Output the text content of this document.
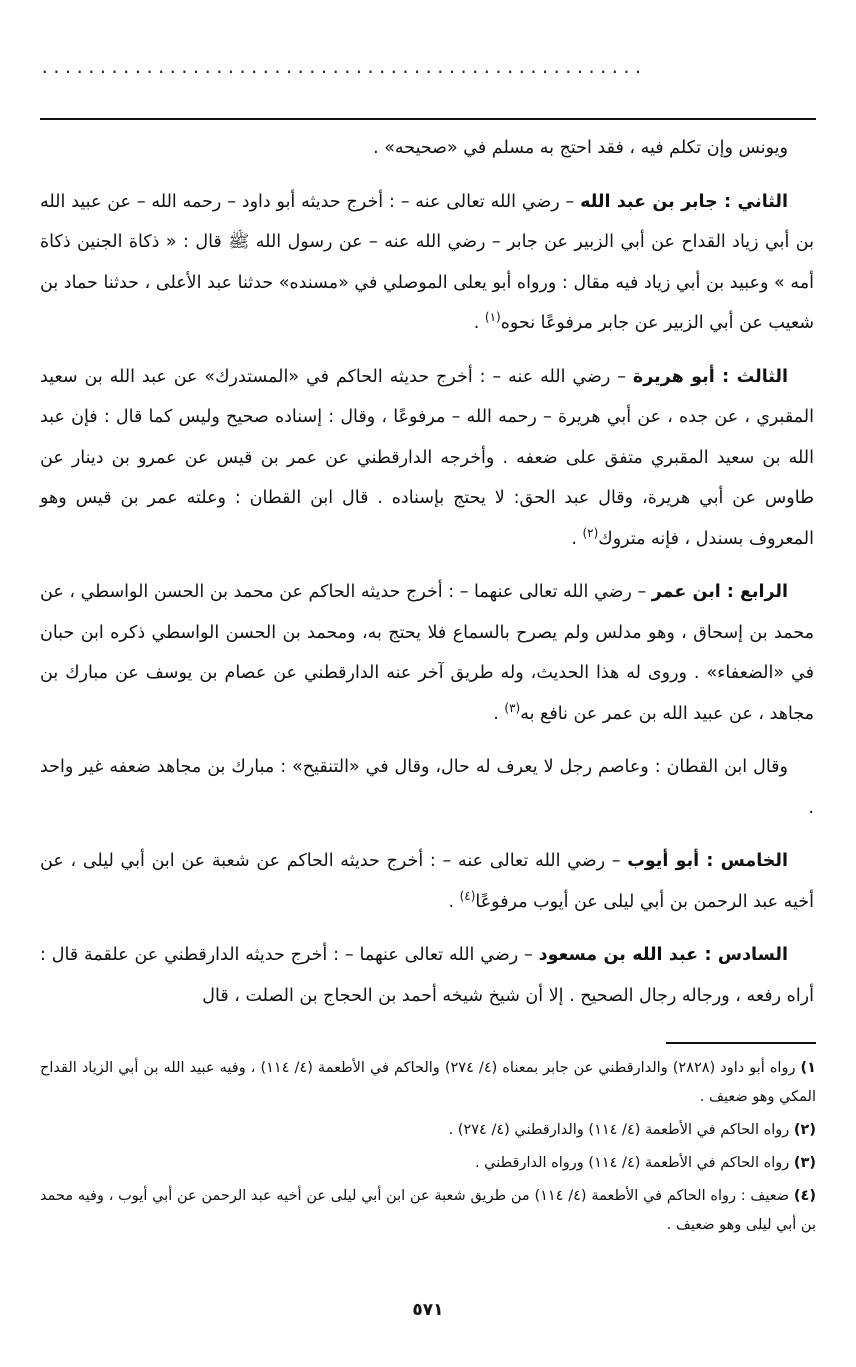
....................................................

ويونس وإن تكلم فيه ، فقد احتج به مسلم في «صحيحه» .

الثاني : جابر بن عبد الله – رضي الله تعالى عنه – : أخرج حديثه أبو داود – رحمه الله – عن عبيد الله بن أبي زياد القداح عن أبي الزبير عن جابر – رضي الله عنه – عن رسول الله ﷺ قال : « ذكاة الجنين ذكاة أمه » وعبيد بن أبي زياد فيه مقال : ورواه أبو يعلى الموصلي في «مسنده» حدثنا عبد الأعلى ، حدثنا حماد بن شعيب عن أبي الزبير عن جابر مرفوعًا نحوه$^{(١)}$ .

الثالث : أبو هريرة – رضي الله عنه – : أخرج حديثه الحاكم في «المستدرك» عن عبد الله بن سعيد المقبري ، عن جده ، عن أبي هريرة – رحمه الله – مرفوعًا ، وقال : إسناده صحيح وليس كما قال : فإن عبد الله بن سعيد المقبري متفق على ضعفه . وأخرجه الدارقطني عن عمر بن قيس عن عمرو بن دينار عن طاوس عن أبي هريرة، وقال عبد الحق: لا يحتج بإسناده . قال ابن القطان : وعلته عمر بن قيس وهو المعروف بسندل ، فإنه متروك$^{(٢)}$ .

الرابع : ابن عمر – رضي الله تعالى عنهما – : أخرج حديثه الحاكم عن محمد بن الحسن الواسطي ، عن محمد بن إسحاق ، وهو مدلس ولم يصرح بالسماع فلا يحتج به، ومحمد بن الحسن الواسطي ذكره ابن حبان في «الضعفاء» . وروى له هذا الحديث، وله طريق آخر عنه الدارقطني عن عصام بن يوسف عن مبارك بن مجاهد ، عن عبيد الله بن عمر عن نافع به$^{(٣)}$ .

وقال ابن القطان : وعاصم رجل لا يعرف له حال، وقال في «التنقيح» : مبارك بن مجاهد ضعفه غير واحد .

الخامس : أبو أيوب – رضي الله تعالى عنه – : أخرج حديثه الحاكم عن شعبة عن ابن أبي ليلى ، عن أخيه عبد الرحمن بن أبي ليلى عن أيوب مرفوعًا$^{(٤)}$ .

السادس : عبد الله بن مسعود – رضي الله تعالى عنهما – : أخرج حديثه الدارقطني عن علقمة قال : أراه رفعه ، ورجاله رجال الصحيح . إلا أن شيخ شيخه أحمد بن الحجاج بن الصلت ، قال

١) رواه أبو داود (٢٨٢٨) والدارقطني عن جابر بمعناه (٤/ ٢٧٤) والحاكم في الأطعمة (٤/ ١١٤) ، وفيه عبيد الله بن أبي الزياد القداح المكي وهو ضعيف .
(٢) رواه الحاكم في الأطعمة (٤/ ١١٤) والدارقطني (٤/ ٢٧٤) .
(٣) رواه الحاكم في الأطعمة (٤/ ١١٤) ورواه الدارقطني .
(٤) ضعيف : رواه الحاكم في الأطعمة (٤/ ١١٤) من طريق شعبة عن ابن أبي ليلى عن أخيه عبد الرحمن عن أبي أيوب ، وفيه محمد بن أبي ليلى وهو ضعيف .
٥٧١
